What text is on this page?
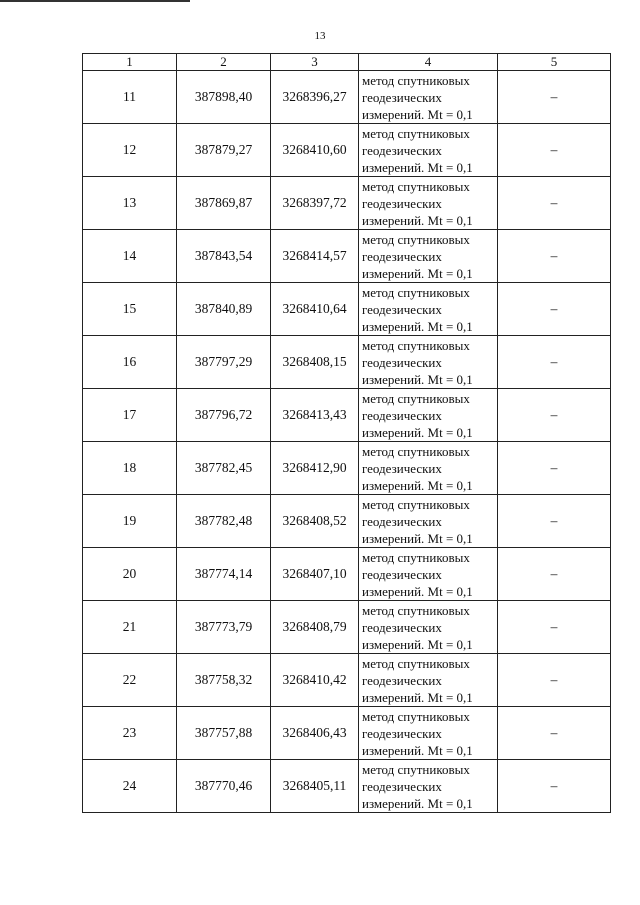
13
1	2	3	4	5
11	387898,40	3268396,27	метод спутниковых
геодезических
измерений. Mt = 0,1	–
12	387879,27	3268410,60	метод спутниковых
геодезических
измерений. Mt = 0,1	–
13	387869,87	3268397,72	метод спутниковых
геодезических
измерений. Mt = 0,1	–
14	387843,54	3268414,57	метод спутниковых
геодезических
измерений. Mt = 0,1	–
15	387840,89	3268410,64	метод спутниковых
геодезических
измерений. Mt = 0,1	–
16	387797,29	3268408,15	метод спутниковых
геодезических
измерений. Mt = 0,1	–
17	387796,72	3268413,43	метод спутниковых
геодезических
измерений. Mt = 0,1	–
18	387782,45	3268412,90	метод спутниковых
геодезических
измерений. Mt = 0,1	–
19	387782,48	3268408,52	метод спутниковых
геодезических
измерений. Mt = 0,1	–
20	387774,14	3268407,10	метод спутниковых
геодезических
измерений. Mt = 0,1	–
21	387773,79	3268408,79	метод спутниковых
геодезических
измерений. Mt = 0,1	–
22	387758,32	3268410,42	метод спутниковых
геодезических
измерений. Mt = 0,1	–
23	387757,88	3268406,43	метод спутниковых
геодезических
измерений. Mt = 0,1	–
24	387770,46	3268405,11	метод спутниковых
геодезических
измерений. Mt = 0,1	–
